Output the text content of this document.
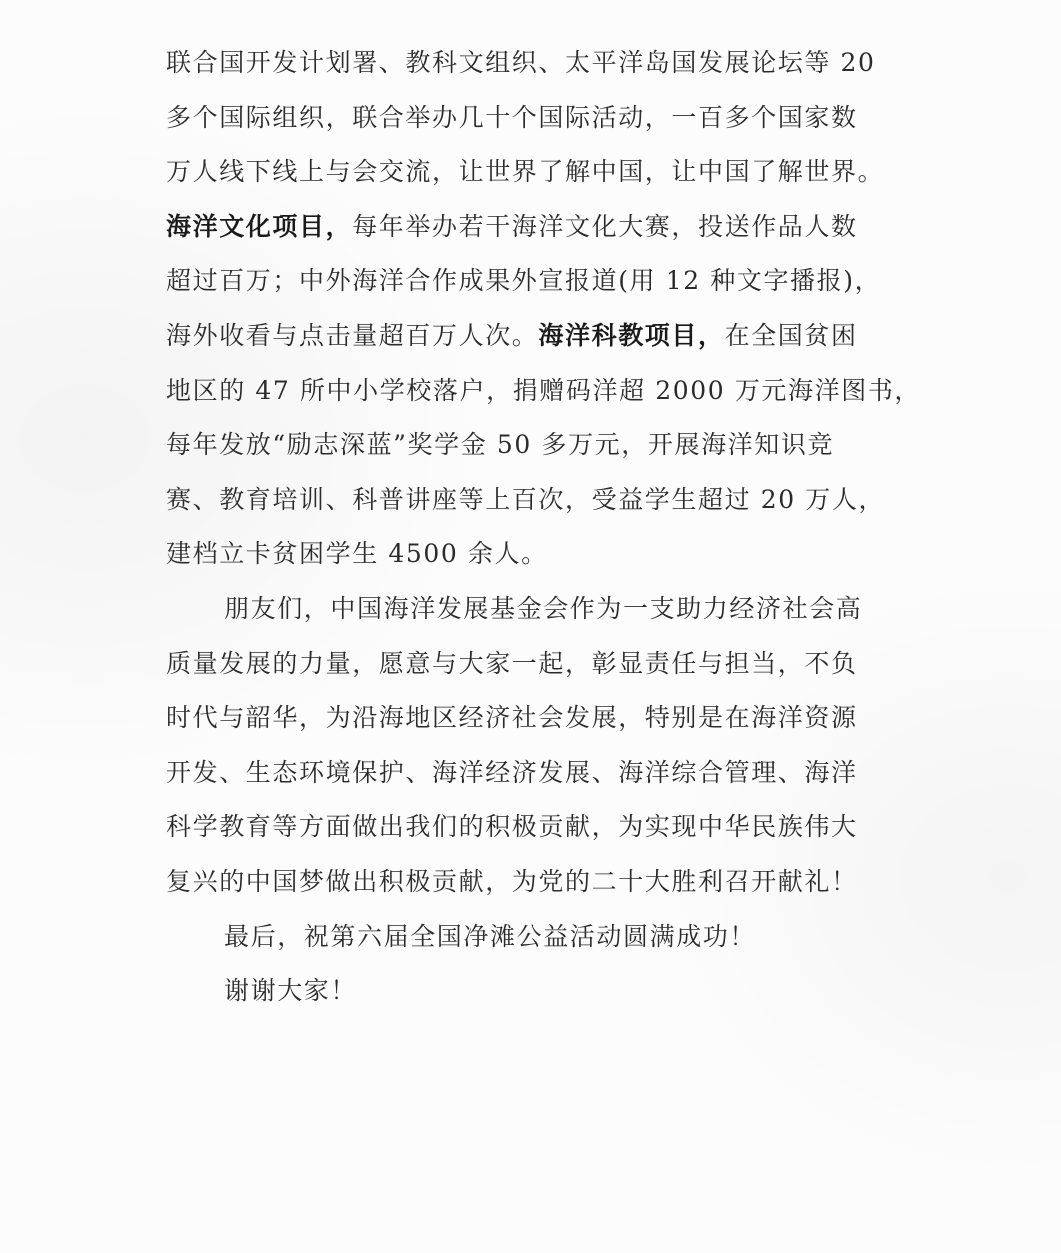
联合国开发计划署、教科文组织、太平洋岛国发展论坛等 20
多个国际组织，联合举办几十个国际活动，一百多个国家数
万人线下线上与会交流，让世界了解中国，让中国了解世界。
海洋文化项目，每年举办若干海洋文化大赛，投送作品人数
超过百万；中外海洋合作成果外宣报道(用 12 种文字播报)，
海外收看与点击量超百万人次。海洋科教项目，在全国贫困
地区的 47 所中小学校落户，捐赠码洋超 2000 万元海洋图书，
每年发放“励志深蓝”奖学金 50 多万元，开展海洋知识竞
赛、教育培训、科普讲座等上百次，受益学生超过 20 万人，
建档立卡贫困学生 4500 余人。
朋友们，中国海洋发展基金会作为一支助力经济社会高
质量发展的力量，愿意与大家一起，彰显责任与担当，不负
时代与韶华，为沿海地区经济社会发展，特别是在海洋资源
开发、生态环境保护、海洋经济发展、海洋综合管理、海洋
科学教育等方面做出我们的积极贡献，为实现中华民族伟大
复兴的中国梦做出积极贡献，为党的二十大胜利召开献礼！
最后，祝第六届全国净滩公益活动圆满成功！
谢谢大家！
